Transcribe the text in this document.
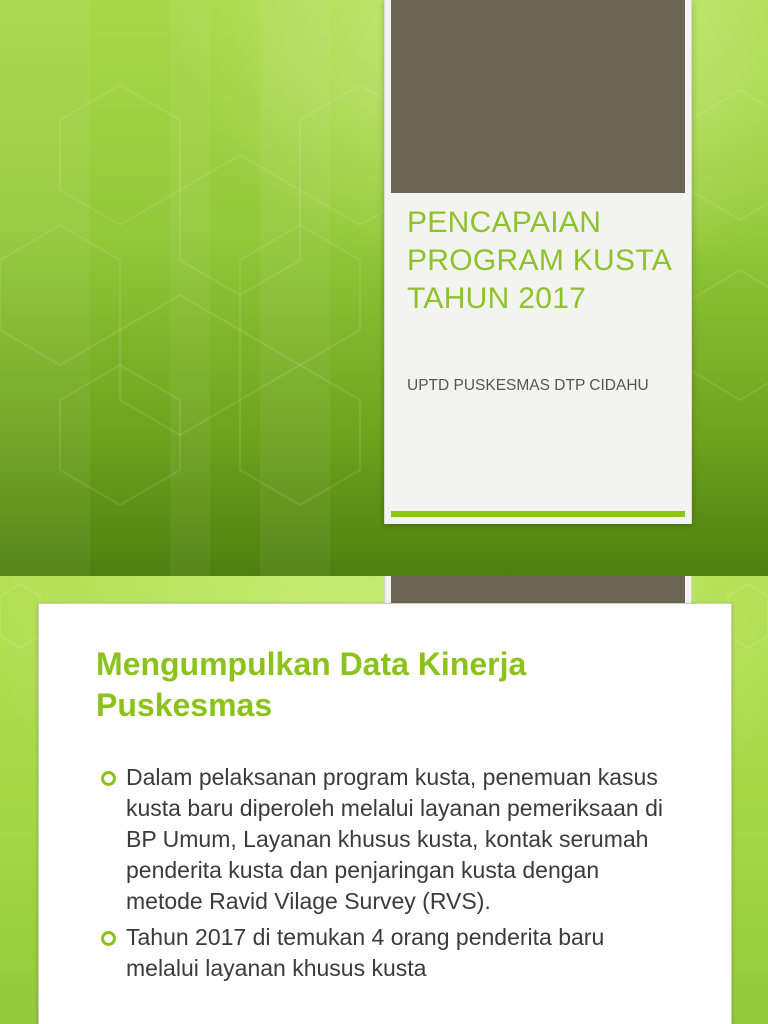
PENCAPAIAN PROGRAM KUSTA TAHUN 2017
UPTD PUSKESMAS DTP CIDAHU
Mengumpulkan Data Kinerja Puskesmas
Dalam pelaksanan program kusta, penemuan kasus kusta baru diperoleh melalui layanan pemeriksaan di BP Umum, Layanan khusus kusta, kontak serumah penderita kusta dan penjaringan kusta dengan metode Ravid Vilage Survey (RVS).
Tahun 2017 di temukan 4 orang penderita baru melalui layanan khusus kusta
